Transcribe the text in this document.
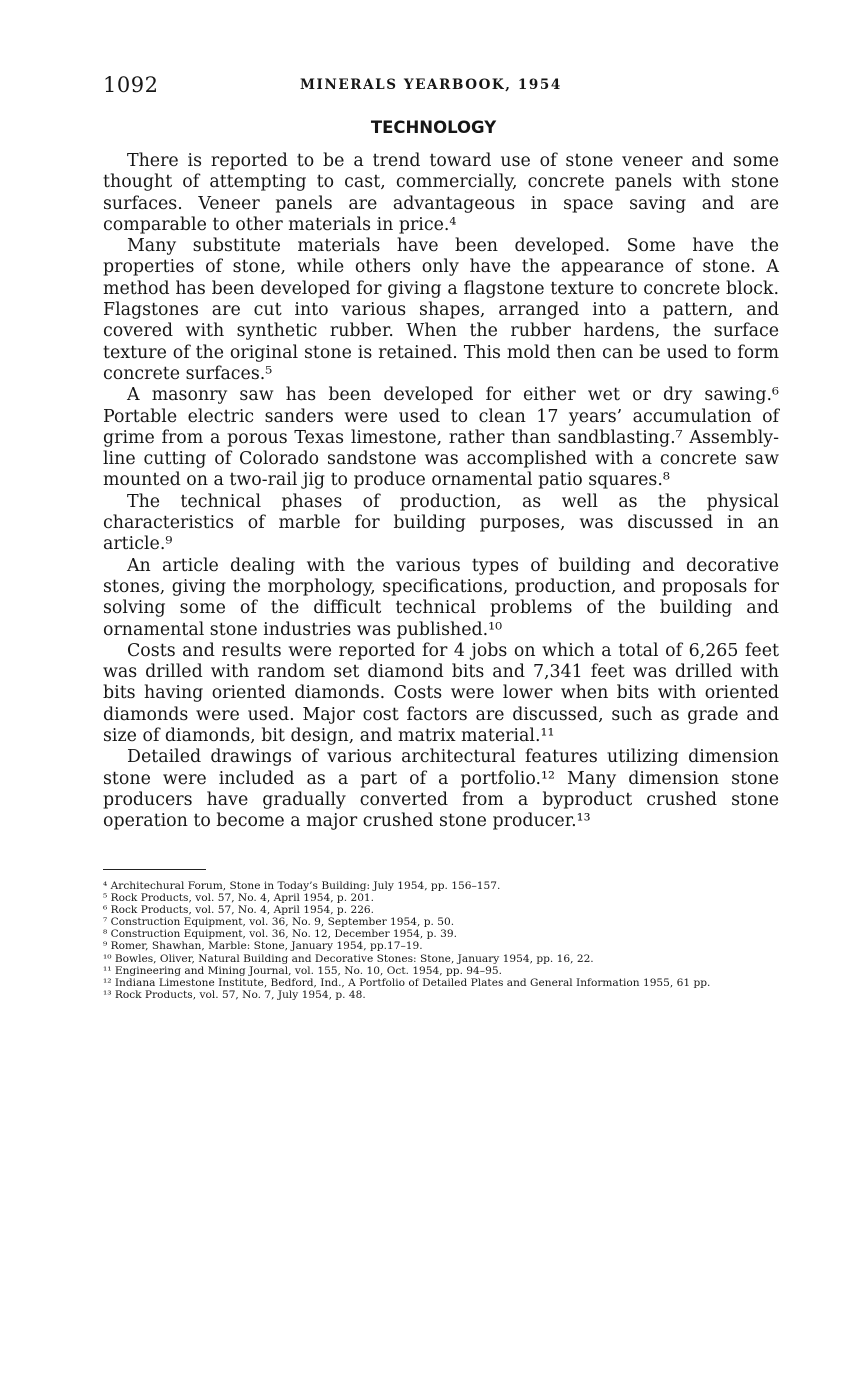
1092	MINERALS YEARBOOK, 1954
TECHNOLOGY

There is reported to be a trend toward use of stone veneer and some thought of attempting to cast, commercially, concrete panels with stone surfaces. Veneer panels are advantageous in space saving and are comparable to other materials in price.⁴

Many substitute materials have been developed. Some have the properties of stone, while others only have the appearance of stone. A method has been developed for giving a flagstone texture to concrete block. Flagstones are cut into various shapes, arranged into a pattern, and covered with synthetic rubber. When the rubber hardens, the surface texture of the original stone is retained. This mold then can be used to form concrete surfaces.⁵

A masonry saw has been developed for either wet or dry sawing.⁶ Portable electric sanders were used to clean 17 years’ accumulation of grime from a porous Texas limestone, rather than sandblasting.⁷ Assembly-line cutting of Colorado sandstone was accomplished with a concrete saw mounted on a two-rail jig to produce ornamental patio squares.⁸

The technical phases of production, as well as the physical characteristics of marble for building purposes, was discussed in an article.⁹

An article dealing with the various types of building and decorative stones, giving the morphology, specifications, production, and proposals for solving some of the difficult technical problems of the building and ornamental stone industries was published.¹⁰

Costs and results were reported for 4 jobs on which a total of 6,265 feet was drilled with random set diamond bits and 7,341 feet was drilled with bits having oriented diamonds. Costs were lower when bits with oriented diamonds were used. Major cost factors are discussed, such as grade and size of diamonds, bit design, and matrix material.¹¹

Detailed drawings of various architectural features utilizing dimension stone were included as a part of a portfolio.¹² Many dimension stone producers have gradually converted from a byproduct crushed stone operation to become a major crushed stone producer.¹³

⁴ Architechural Forum, Stone in Today’s Building: July 1954, pp. 156–157.

⁵ Rock Products, vol. 57, No. 4, April 1954, p. 201.

⁶ Rock Products, vol. 57, No. 4, April 1954, p. 226.

⁷ Construction Equipment, vol. 36, No. 9, September 1954, p. 50.

⁸ Construction Equipment, vol. 36, No. 12, December 1954, p. 39.

⁹ Romer, Shawhan, Marble: Stone, January 1954, pp.17–19.

¹⁰ Bowles, Oliver, Natural Building and Decorative Stones: Stone, January 1954, pp. 16, 22.

¹¹ Engineering and Mining Journal, vol. 155, No. 10, Oct. 1954, pp. 94–95.

¹² Indiana Limestone Institute, Bedford, Ind., A Portfolio of Detailed Plates and General Information 1955, 61 pp.

¹³ Rock Products, vol. 57, No. 7, July 1954, p. 48.
